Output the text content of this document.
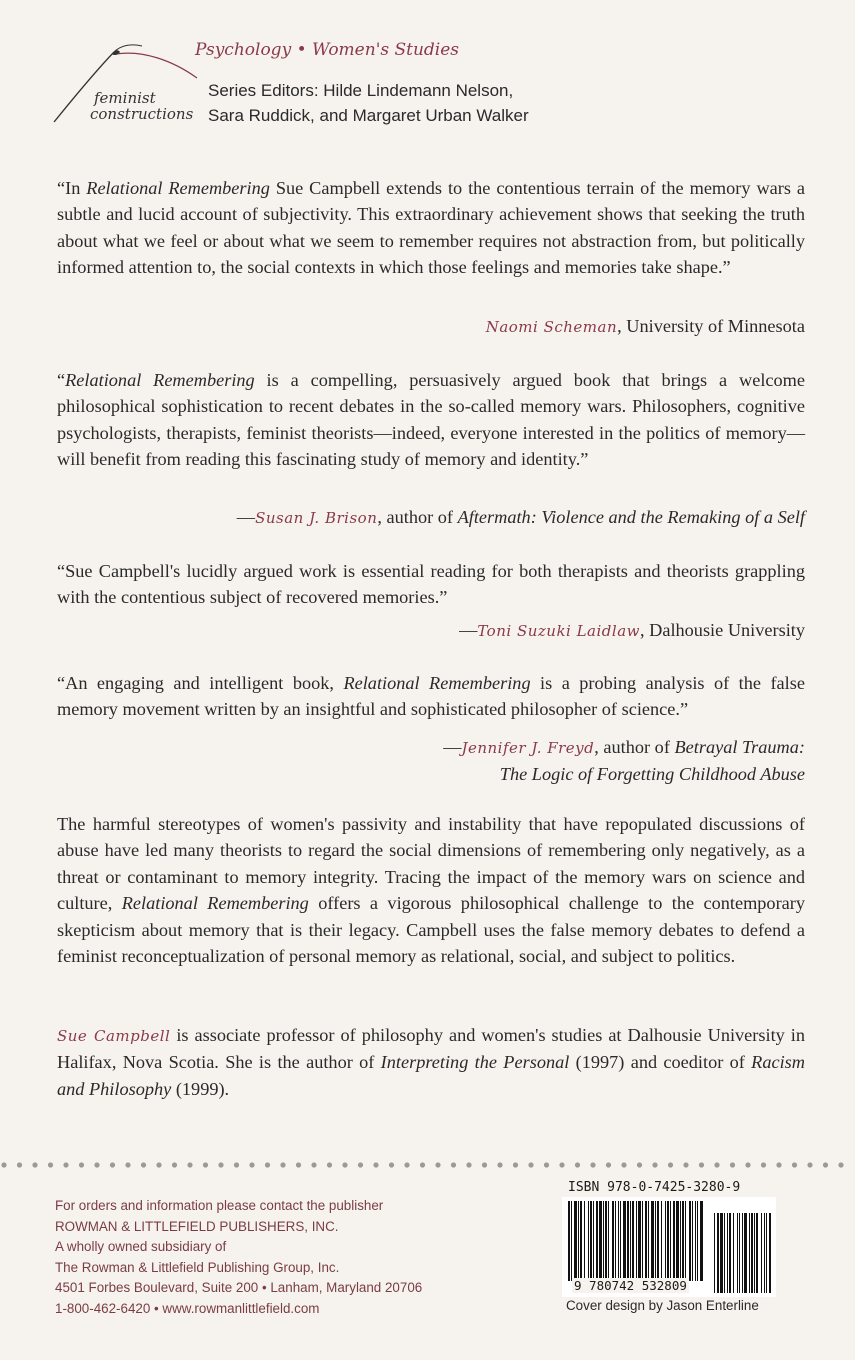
feminist
constructions
Psychology • Women's Studies
Series Editors: Hilde Lindemann Nelson,
Sara Ruddick, and Margaret Urban Walker

“In Relational Remembering Sue Campbell extends to the contentious terrain of the memory wars a subtle and lucid account of subjectivity. This extraordinary achievement shows that seeking the truth about what we feel or about what we seem to remember requires not abstraction from, but politically informed attention to, the social contexts in which those feelings and memories take shape.”

Naomi Scheman, University of Minnesota

“Relational Remembering is a compelling, persuasively argued book that brings a welcome philosophical sophistication to recent debates in the so-called memory wars. Philosophers, cognitive psychologists, therapists, feminist theorists—indeed, everyone interested in the politics of memory—will benefit from reading this fascinating study of memory and identity.”

—Susan J. Brison, author of Aftermath: Violence and the Remaking of a Self

“Sue Campbell's lucidly argued work is essential reading for both therapists and theorists grappling with the contentious subject of recovered memories.”

—Toni Suzuki Laidlaw, Dalhousie University

“An engaging and intelligent book, Relational Remembering is a probing analysis of the false memory movement written by an insightful and sophisticated philosopher of science.”

—Jennifer J. Freyd, author of Betrayal Trauma:
The Logic of Forgetting Childhood Abuse

The harmful stereotypes of women's passivity and instability that have repopulated discussions of abuse have led many theorists to regard the social dimensions of remembering only negatively, as a threat or contaminant to memory integrity. Tracing the impact of the memory wars on science and culture, Relational Remembering offers a vigorous philosophical challenge to the contemporary skepticism about memory that is their legacy. Campbell uses the false memory debates to defend a feminist reconceptualization of personal memory as relational, social, and subject to politics.

Sue Campbell is associate professor of philosophy and women's studies at Dalhousie University in Halifax, Nova Scotia. She is the author of Interpreting the Personal (1997) and coeditor of Racism and Philosophy (1999).

For orders and information please contact the publisher
ROWMAN & LITTLEFIELD PUBLISHERS, INC.
A wholly owned subsidiary of
The Rowman & Littlefield Publishing Group, Inc.
4501 Forbes Boulevard, Suite 200 • Lanham, Maryland 20706
1-800-462-6420 • www.rowmanlittlefield.com
ISBN 978-0-7425-3280-9
9 780742 532809
Cover design by Jason Enterline
